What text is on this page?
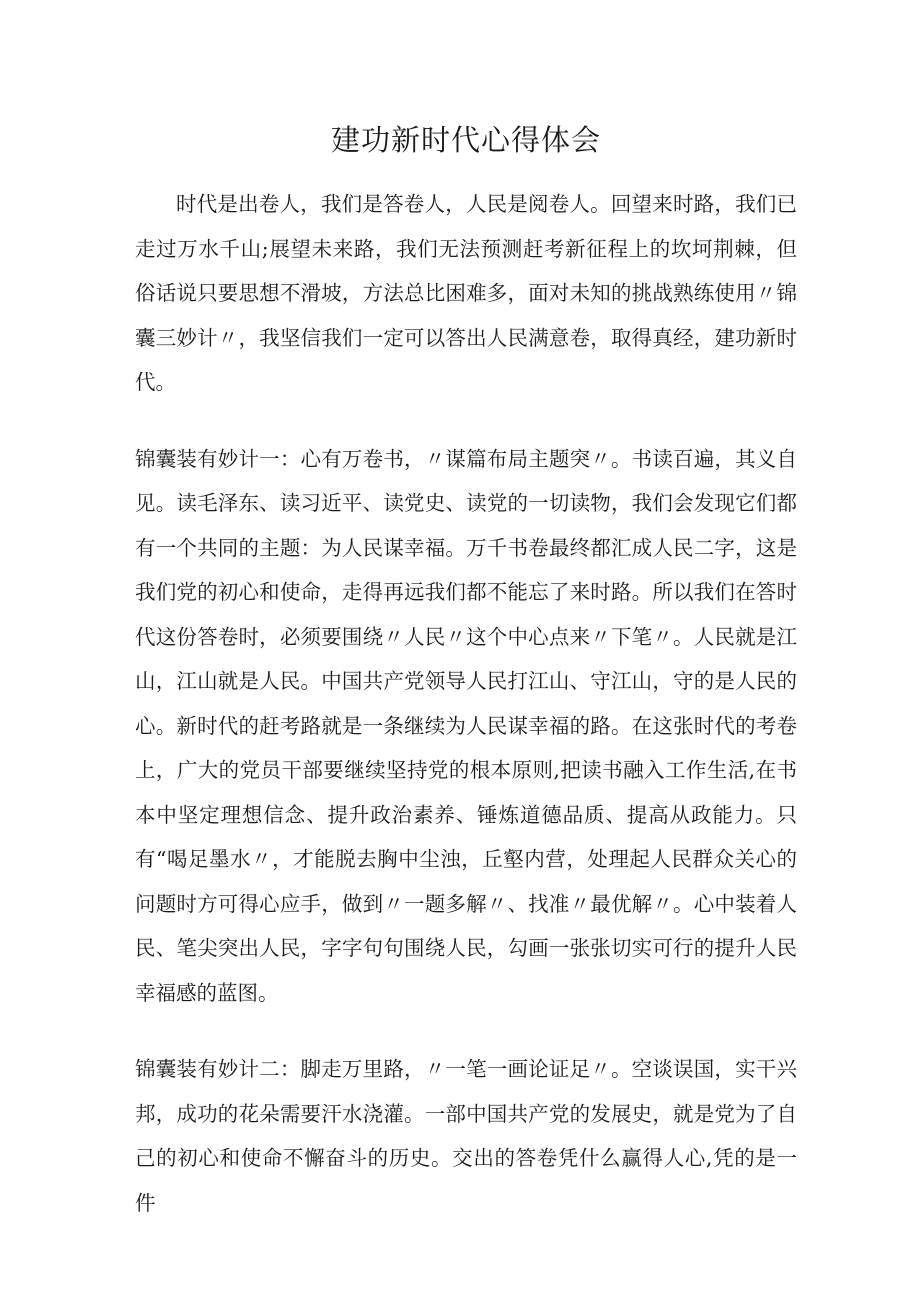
建功新时代心得体会

时代是出卷人，我们是答卷人，人民是阅卷人。回望来时路，我们已走过万水千山;展望未来路，我们无法预测赶考新征程上的坎坷荆棘，但俗话说只要思想不滑坡，方法总比困难多，面对未知的挑战熟练使用〃锦囊三妙计〃，我坚信我们一定可以答出人民满意卷，取得真经，建功新时代。

锦囊装有妙计一：心有万卷书，〃谋篇布局主题突〃。书读百遍，其义自见。读毛泽东、读习近平、读党史、读党的一切读物，我们会发现它们都有一个共同的主题：为人民谋幸福。万千书卷最终都汇成人民二字，这是我们党的初心和使命，走得再远我们都不能忘了来时路。所以我们在答时代这份答卷时，必须要围绕〃人民〃这个中心点来〃下笔〃。人民就是江山，江山就是人民。中国共产党领导人民打江山、守江山，守的是人民的心。新时代的赶考路就是一条继续为人民谋幸福的路。在这张时代的考卷上，广大的党员干部要继续坚持党的根本原则,把读书融入工作生活,在书本中坚定理想信念、提升政治素养、锤炼道德品质、提高从政能力。只有“喝足墨水〃，才能脱去胸中尘浊，丘壑内营，处理起人民群众关心的问题时方可得心应手，做到〃一题多解〃、找准〃最优解〃。心中装着人民、笔尖突出人民，字字句句围绕人民，勾画一张张切实可行的提升人民幸福感的蓝图。

锦囊装有妙计二：脚走万里路，〃一笔一画论证足〃。空谈误国，实干兴邦，成功的花朵需要汗水浇灌。一部中国共产党的发展史，就是党为了自己的初心和使命不懈奋斗的历史。交出的答卷凭什么赢得人心,凭的是一件
